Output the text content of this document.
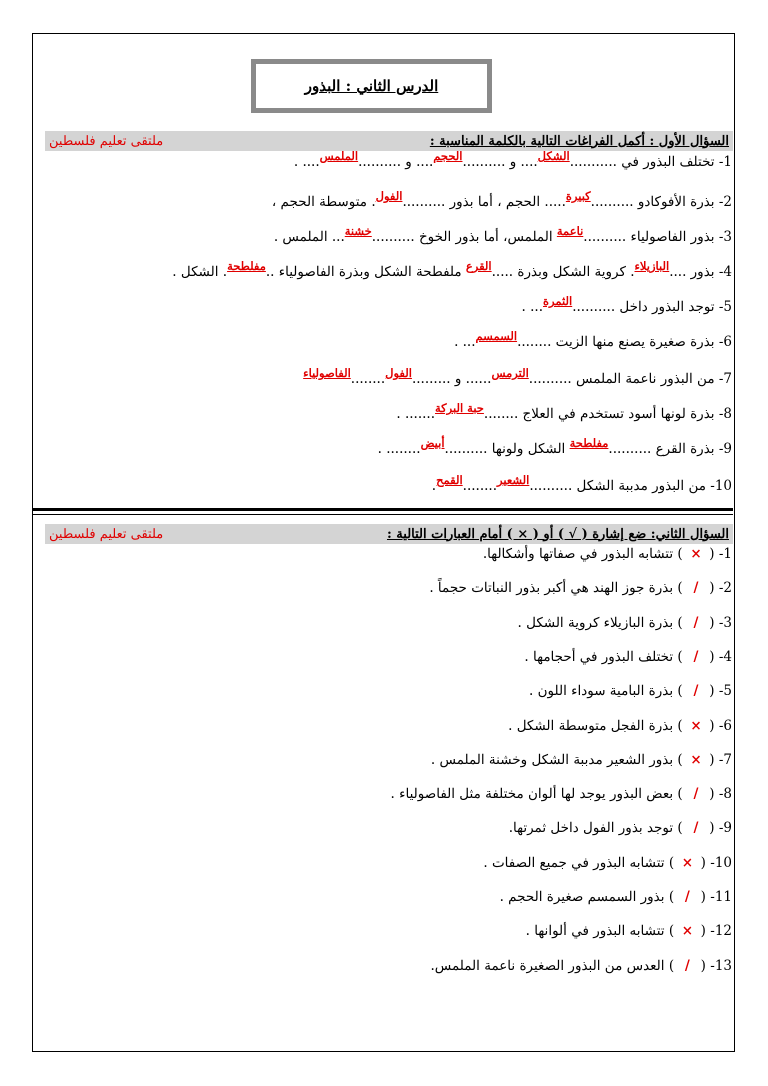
الدرس الثاني : البذور
السؤال الأول : أكمل الفراغات التالية بالكلمة المناسبة :
ملتقى تعليم فلسطين
1- تختلف البذور في ...........الشكل.... و ..........الحجم.... و ..........الملمس.... .
2- بذرة الأفوكادو ..........كبيرة..... الحجم ، أما بذور ..........الفول. متوسطة الحجم ،
3- بذور الفاصولياء ..........ناعمة الملمس، أما بذور الخوخ ..........خشنة... الملمس .
4- بذور ....البازيلاء. كروية الشكل وبذرة .....القرع ملفطحة الشكل وبذرة الفاصولياء ..مفلطحة. الشكل .
5- توجد البذور داخل ..........الثمرة... .
6- بذرة صغيرة يصنع منها الزيت ........السمسم... .
7- من البذور ناعمة الملمس ..........الترمس...... و .........الفول........الفاصولياء
8- بذرة لونها أسود تستخدم في العلاج ........حبة البركة....... .
9- بذرة القرع ..........مفلطحة الشكل ولونها ..........أبيض........ .
10- من البذور مدببة الشكل ..........الشعير........القمح.
السؤال الثاني: ضع إشارة ( √ ) أو ( × ) أمام العبارات التالية :
ملتقى تعليم فلسطين
1- ( × ) تتشابه البذور في صفاتها وأشكالها.
2- ( / ) بذرة جوز الهند هي أكبر بذور النباتات حجماً .
3- ( / ) بذرة البازيلاء كروية الشكل .
4- ( / ) تختلف البذور في أحجامها .
5- ( / ) بذرة البامية سوداء اللون .
6- ( × ) بذرة الفجل متوسطة الشكل .
7- ( × ) بذور الشعير مدببة الشكل وخشنة الملمس .
8- ( / ) بعض البذور يوجد لها ألوان مختلفة مثل الفاصولياء .
9- ( / ) توجد بذور الفول داخل ثمرتها.
10- ( × ) تتشابه البذور في جميع الصفات .
11- ( / ) بذور السمسم صغيرة الحجم .
12- ( × ) تتشابه البذور في ألوانها .
13- ( / ) العدس من البذور الصغيرة ناعمة الملمس.
